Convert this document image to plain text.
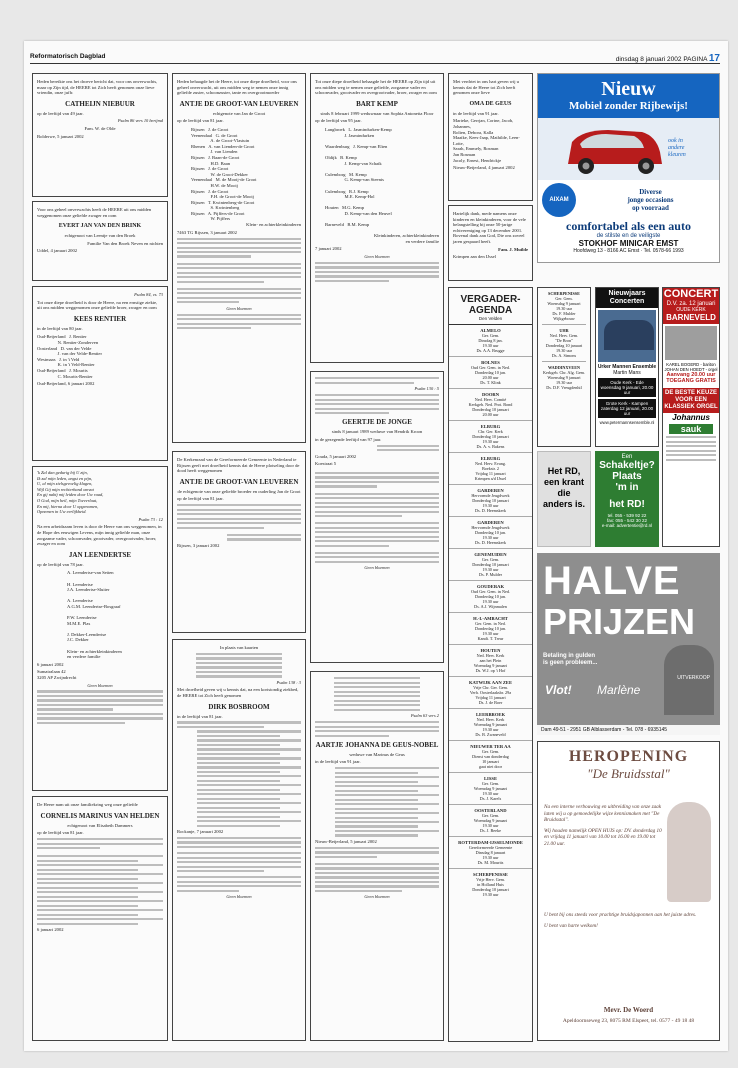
Reformatorisch Dagblad	dinsdag 8 januari 2002 PAGINA 17

Heden bereikte ons het droeve bericht dat, voor ons onverwachts, maar op Zijn tijd, de HEERE tot Zich heeft genomen onze lieve vriendin, onze juffr.

CATHEIJN NIEBUUR

op de leeftijd van 49 jaar.

Psalm 86 vers 10 berijmd

Fam. W. de Olde

Bolderwe, 5 januari 2002

Voor ons geheel onverwachts heeft de HEERE uit ons midden weggenomen onze geliefde zwager en oom

EVERT JAN VAN DEN BRINK
echtgenoot van Leentje van den Broek

Familie Van den Broek Neven en nichten

Uddel, 4 januari 2002

Psalm 84, vs. 73

Tot onze diepe droefheid is door de Heere, na een ernstige ziekte, uit ons midden weggenomen onze geliefde broer, zwager en oom

KEES RENTIER

in de leeftijd van 80 jaar.

Oud-Beijerland   J. Rentier
N. Rentier-Zonderven
Oosterland   D. van der Velde
J. van der Velde-Rentier
Westmaas   J. in 't Veld
K. in 't Veld-Rentier
Oud-Beijerland   J. Mourits
C. Mourits-Rentier

Oud-Beijerland, 6 januari 2002

'k Zal dan gedurig bij U zijn,
Ik zal mijn leden, angst en pijn,
U, al mijn zielsgevoelig klagen,
Wijl Gij mijn rechterhand omvat
En gij nabij mij leiden door Uw raad,
O God, mijn heil, mijn Toeverlaat,
En mij, hierna door U opgenomen,
Opnemen in Uw eerlijkheid.

Psalm 73 : 12

Na een arbeidzaam leven is door de Heere van ons weggenomen, in de Hope des eeuwigen Levens, mijn innig geliefde man, onze zorgzame vader, schoonvader, grootvader, overgrootvader, broer, zwager en oom

JAN LEENDERTSE

op de leeftijd van 78 jaar.

A. Leendertse-van Setten

H. Leendertse
J.A. Leendertse-Sluiter

A. Leendertse
A.G.M. Leendertse-Bosgraaf

P.W. Leendertse
M.M.E. Plas

J. Dekker-Leendertse
J.C. Dekker

Klein- en achterkleinkinderen
en verdere familie

6 januari 2002

Sumatralaan 42
3205 AP Zwijndrecht

Geen bloemen

De Heere nam uit onze familiekring weg onze geliefde

CORNELIS MARINUS VAN HELDEN
echtgenoot van Elisabeth Dammers

op de leeftijd van 81 jaar.

6 januari 2002

Heden behaagde het de Heere, tot onze diepe droefheid, voor ons geheel onverwacht, uit ons midden weg te nemen onze innig geliefde zuster, schoonzuster, tante en overgrootmoeder

ANTJE DE GROOT-VAN LEUVEREN
echtgenote van Jan de Groot

op de leeftijd van 81 jaar.

Rijssen   J. de Groot
Veenendaal   G. de Groot
A. de Groot-Vlastuin
Rhenen   A. van Lienden-de Groot
J. van Lienden
Rijssen   J. Baan-de Groot
H.D. Baan
Rijssen   J. de Groot
W. de Groot-Dekker
Veenendaal   M. de Mooij-de Groot
H.W. de Mooij
Rijssen   J. de Groot
F.H. de Groot-de Mooij
Rijssen   T. Kwintenberg-de Groot
S. Kwintenberg
Rijssen   A. Pijffers-de Groot
W. Pijffers
Klein- en achterkleinkinderen

7463 TG Rijssen, 3 januari 2002

Geen bloemen

De Kerkenraad van de Gereformeerde Gemeente in Nederland te Rijssen geeft met droefheid kennis dat de Heere plotseling door de dood heeft weggenomen

ANTJE DE GROOT-VAN LEUVEREN
de echtgenote van onze geliefde broeder en ouderling Jan de Groot

op de leeftijd van 81 jaar.

Rijssen, 3 januari 2002

In plaats van kaarten

Psalm 138 : 3

Met droefheid geven wij u kennis dat, na een kortstondig ziekbed, de HEERE tot Zich heeft genomen

DIRK BOSBROOM

in de leeftijd van 81 jaar.

Rockanje, 7 januari 2002

Geen bloemen

Tot onze diepe droefheid behaagde het de HEERE op Zijn tijd uit ons midden weg te nemen onze geliefde, zorgzame vader en schoonvader, grootvader en overgrootvader, broer, zwager en oom

BART KEMP
sinds 8 februari 1999 weduwnaar van Sophia Antonetta Floor

op de leeftijd van 95 jaar.

Langbroek   L. Jasmindurken-Kemp
J. Jasmindurken

Waardenburg   J. Kemp-van Elten

Oldijk   B. Kemp
J. Kemp-van Schaik

Culemborg   M. Kemp
G. Kemp-van Steenis

Culemborg   R.J. Kemp
M.E. Kemp-Hol

Houten   M.G. Kemp
D. Kemp-van den Heuvel

Barneveld   B.M. Kemp

Kleinkinderen, achterkleinkinderen
en verdere familie

7 januari 2002

Geen bloemen

Psalm 130 : 5

GEERTJE DE JONGE
sinds 8 januari 1989 weduwe van Hendrik Kroon

in de gezegende leeftijd van 97 jaar.

Gouda, 5 januari 2002

Koestraat 5

Geen bloemen

Psalm 63 vers 2

AARTJE JOHANNA DE GEUS-NOBEL
weduwe van Marinus de Geus

in de leeftijd van 91 jaar.

Nieuw-Beijerland, 5 januari 2002

Geen bloemen

Met verdriet in ons hart geven wij u kennis dat de Heere tot Zich heeft genomen onze lieve

OMA DE GEUS

in de leeftijd van 91 jaar.

Marieke, Gerrjan, Corine, Jacob, Johannes,
Rolien, Debora, Kalla
Maaike, Kees-Jaap, Mathilde, Leen-Lotte,
Sarah, Emmely, Rosman
Jan Rosman
Jacoly, Ernest, Hendrickje

Nieuw-Beijerland, 4 januari 2002

Hartelijk dank, mede namens onze kinderen en kleinkinderen, voor de vele belangstelling bij onze 50-jarige echtvereniging op 13 december 2001. Bovenal dank aan God, Die ons zoveel jaren gespaard heeft.

Fam. J. Muilde

Krimpen aan den IJssel

VERGADER-
AGENDA
Den Velden
ALMELO
Ger. Gem.
Dinsdag 8 jan.
19.30 uur
Ds. A.A. Brugge
BOLNES
Oud Ger. Gem. in Ned.
Donderdag 10 jan.
20.00 uur
Ds. T. Klink
DOORN
Ned. Herv. Comité
Kerkgeb. Ned. Prot. Bond
Donderdag 10 januari
20.00 uur
ELBURG
Chr. Ger. Kerk
Donderdag 10 januari
19.30 uur
Ds. A. v. Bakens
ELBURG
Ned. Herv. Evang.
Boekstr. 2
Vrijdag 11 januari
Krimpen a/d IJssel
GARDEREN
Hervormde Jeugdwerk
Donderdag 10 januari
19.30 uur
Ds. D. Heemskerk
GARDEREN
Hervormde Jeugdwerk
Donderdag 10 jan.
19.30 uur
Ds. D. Heemskerk
GENEMUIDEN
Ger. Gem.
Donderdag 10 januari
19.30 uur
Ds. P. Mulder
GOUDERAK
Oud Ger. Gem. in Ned.
Donderdag 10 jan.
19.30 uur
Ds. A.J. Wijnmalen
H.-I.-AMBACHT
Ger. Gem. in Ned.
Donderdag 10 jan.
19.30 uur
Kandi. T. Treur
HOUTEN
Ned. Herv. Kerk
aan het Plein
Woensdag 9 januari
Ds. W.J. op 't Hof
KATWIJK AAN ZEE
Vrije Chr. Ger. Gem.
Verh. Oosterlaaksbr. 29a
Vrijdag 11 januari
Ds. J. de Boer
LEERBROEK
Ned. Herv. Kerk
Woensdag 9 januari
19.30 uur
Ds. B. Zwaneveld
NIEUWER TER AA
Ger. Gem.
Dienst van donderdag
10 januari
gaat niet door
LISSE
Ger. Gem.
Woensdag 9 januari
19.30 uur
Ds. J. Karels
OOSTERLAND
Ger. Gem.
Woensdag 9 januari
19.30 uur
Ds. J. Beeke
ROTTERDAM-IJSSELMONDE
Gereformeerde Gemeente
Dinsdag 8 januari
19.30 uur
Ds. M. Mourits
SCHERPENISSE
Vrije Herv. Gem.
in Holland Huis
Donderdag 10 januari
19.30 uur
Nieuw
Mobiel zonder Rijbewijs!
ook in
andere
kleuren
AIXAM
Diverse
jonge occasions
op voorraad
comfortabel als een auto
de stilste en de veiligste
STOKHOF MINICAR EMST
Hoofdweg 13 - 8166 AC Emst · Tel. 0578-66 1993
SCHERPENISSE
Ger. Gem.
Woensdag 9 januari
19.30 uur
Ds. F. Mulder
Wijkgebouw
UHR
Ned. Herv. Gem.
"De Bron"
Donderdag 10 januari
19.30 uur
Ds. A. Simons
WADDINXVEEN
Kerkgeb. Chr. Alg. Gem.
Woensdag 9 januari
19.30 uur
Ds. D.F. Vreugdenhil
Nieuwjaars Concerten
Urker Mannen Ensemble
Martin Mans
Oude Kerk - Ede
woensdag 9 januari, 20.00 uur
Grote Kerk - Kampen
zaterdag 12 januari, 20.00 uur
www.petermannsensemble.nl
CONCERT
D.V. za. 12 januari
OUDE KERK
BARNEVELD
KAREL BOGERD - bariton
JOHAN DEN HOEDT - orgel
Aanvang 20.00 uur
TOEGANG GRATIS
DE BESTE KEUZE
VOOR EEN
KLASSIEK ORGEL
Johannus
sauk
Een
Schakeltje?
Plaats
'm in
het RD!
tel. 055 - 539 92 22
fax: 055 - 542 30 22
e-mail: advertentie@rd.nl
Het RD,
een krant die
anders is.
HALVE
PRIJZEN
Betaling in gulden
is geen probleem...
UITVERKOOP
Vlot! Marlène
Dam 49-51 - 2951 GB Alblasserdam - Tel. 078 - 6935145
HEROPENING
"De Bruidsstal"

Na een interne verbouwing en uitbreiding van onze zaak laten wij u op gemoedelijke wijze kennismaken met "De Bruidsstal".

Wij houden namelijk OPEN HUIS op: DV. donderdag 10 en vrijdag 11 januari van 10.00 tot 16.00 en 19.00 tot 21.00 uur.

U bent bij ons steeds voor prachtige bruidsjaponnen aan het juiste adres.

U bent van harte welkom!

Mevr. De Woerd
Apeldoornseweg 23, 8075 RM Elspeet, tel. 0577 - 49 18 48
